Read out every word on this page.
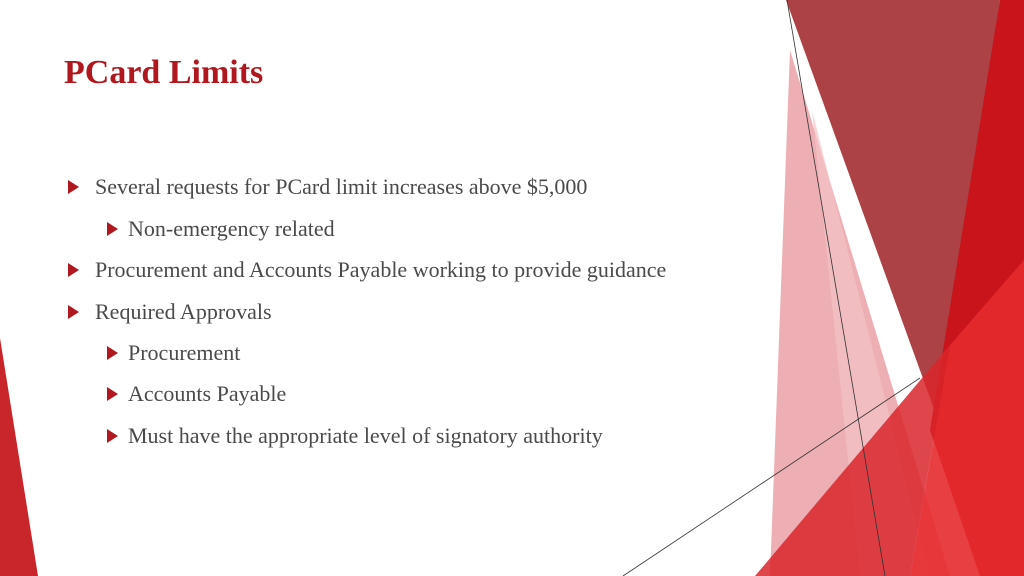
PCard Limits
Several requests for PCard limit increases above $5,000
Non-emergency related
Procurement and Accounts Payable working to provide guidance
Required Approvals
Procurement
Accounts Payable
Must have the appropriate level of signatory authority
